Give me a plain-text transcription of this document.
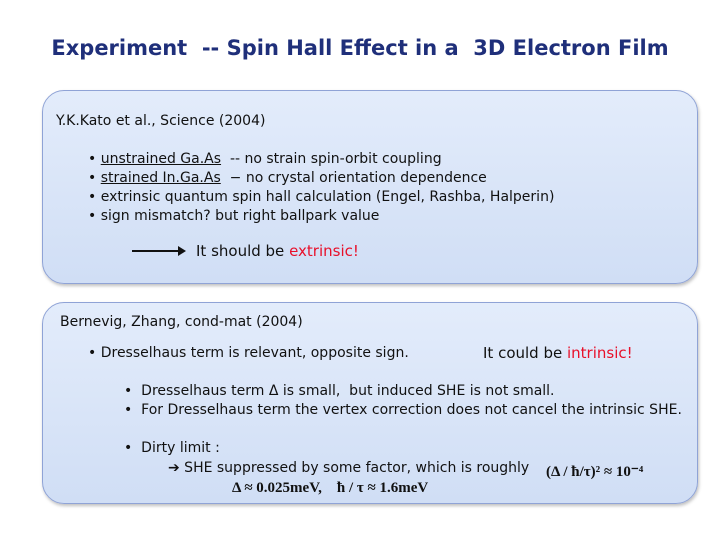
Experiment  -- Spin Hall Effect in a  3D Electron Film
Y.K.Kato et al., Science (2004)
• unstrained Ga.As  -- no strain spin-orbit coupling
• strained In.Ga.As  − no crystal orientation dependence
• extrinsic quantum spin hall calculation (Engel, Rashba, Halperin)
• sign mismatch? but right ballpark value
It should be extrinsic!
Bernevig, Zhang, cond-mat (2004)
• Dresselhaus term is relevant, opposite sign.	It could be intrinsic!
•  Dresselhaus term Δ is small,  but induced SHE is not small.
•  For Dresselhaus term the vertex correction does not cancel the intrinsic SHE.
•  Dirty limit :
➔ SHE suppressed by some factor, which is roughly
Δ ≈ 0.025meV,    ħ / τ ≈ 1.6meV
(Δ / ħ/τ)² ≈ 10⁻⁴
